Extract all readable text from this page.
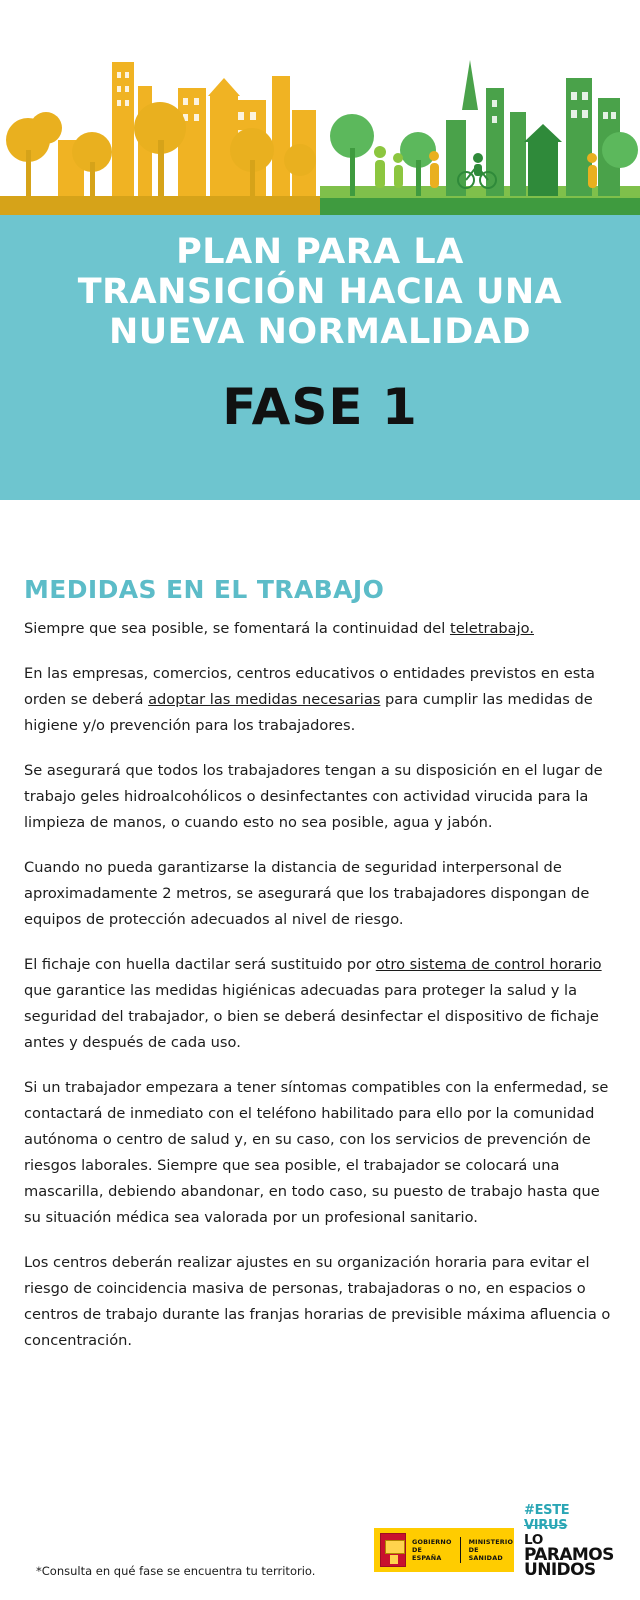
PLAN PARA LA
TRANSICIÓN HACIA UNA
NUEVA NORMALIDAD
FASE 1
MEDIDAS EN EL TRABAJO

Siempre que sea posible, se fomentará la continuidad del teletrabajo.

En las empresas, comercios, centros educativos o entidades previstos en esta orden se deberá adoptar las medidas necesarias para cumplir las medidas de higiene y/o prevención para los trabajadores.

Se asegurará que todos los trabajadores tengan a su disposición en el lugar de trabajo geles hidroalcohólicos o desinfectantes con actividad virucida para la limpieza de manos, o cuando esto no sea posible, agua y jabón.

Cuando no pueda garantizarse la distancia de seguridad interpersonal de aproximadamente 2 metros, se asegurará que los trabajadores dispongan de equipos de protección adecuados al nivel de riesgo.

El fichaje con huella dactilar será sustituido por otro sistema de control horario que garantice las medidas higiénicas adecuadas para proteger la salud y la seguridad del trabajador, o bien se deberá desinfectar el dispositivo de fichaje antes y después de cada uso.

Si un trabajador empezara a tener síntomas compatibles con la enfermedad, se contactará de inmediato con el teléfono habilitado para ello por la comunidad autónoma o centro de salud y, en su caso, con los servicios de prevención de riesgos laborales. Siempre que sea posible, el trabajador se colocará una mascarilla, debiendo abandonar, en todo caso, su puesto de trabajo hasta que su situación médica sea valorada por un profesional sanitario.

Los centros deberán realizar ajustes en su organización horaria para evitar el riesgo de coincidencia masiva de personas, trabajadoras o no, en espacios o centros de trabajo durante las franjas horarias de previsible máxima afluencia o concentración.

*Consulta en qué fase se encuentra tu territorio.
GOBIERNO
DE ESPAÑA
MINISTERIO
DE SANIDAD
#ESTE
VIRUS
LO
PARAMOS
UNIDOS
